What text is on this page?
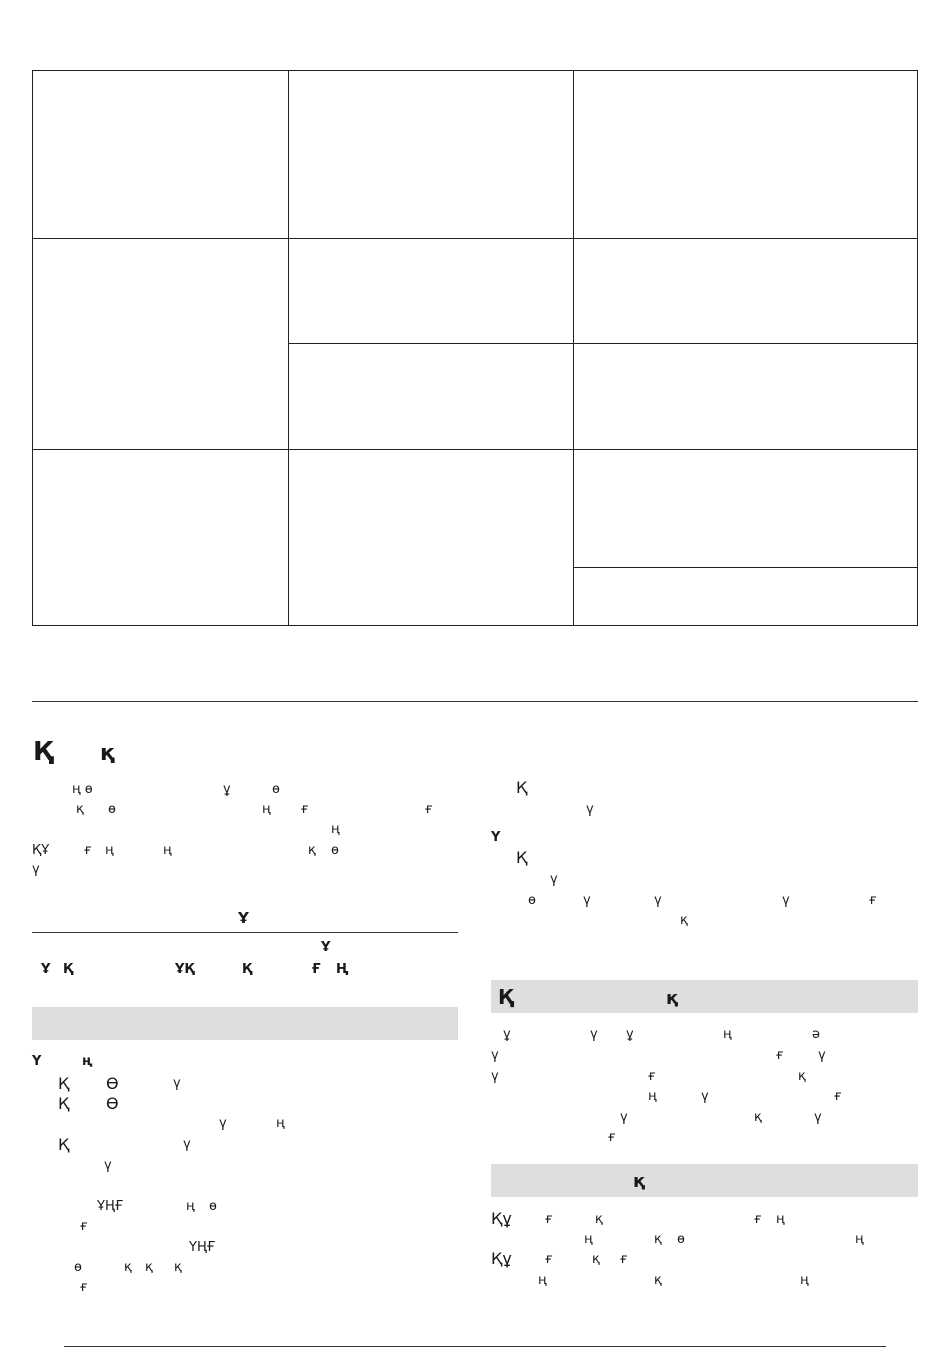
Қ қ
ң ө	ұ	ө
қ ө	ң ғ	ғ
ң
ҚҰ	ғ ң	ң	қ ө
ү
Ұ
Ұ
Ұ Қ	ҰҚ	Қ	Ғ Ң
Ү	ң
Қ Ө	ү
Қ Ө
ү	ң
Қ	ү
ү
ҰҢҒ	ң ө
ғ
ҮҢҒ
ө	қ қ қ
ғ
Қ
ү
Ү
Қ
ү
ө	ү	ү	ү	ғ
қ
Қ	қ
ұ	ү ұ	ң	ә
ү	ғ	ү
ү	ғ	қ
ң	ү	ғ
ү	қ	ү
ғ
қ
Құ	ғ	қ	ғ ң
ң	қ ө	ң
Құ	ғ	қ ғ
ң	қ	ң
